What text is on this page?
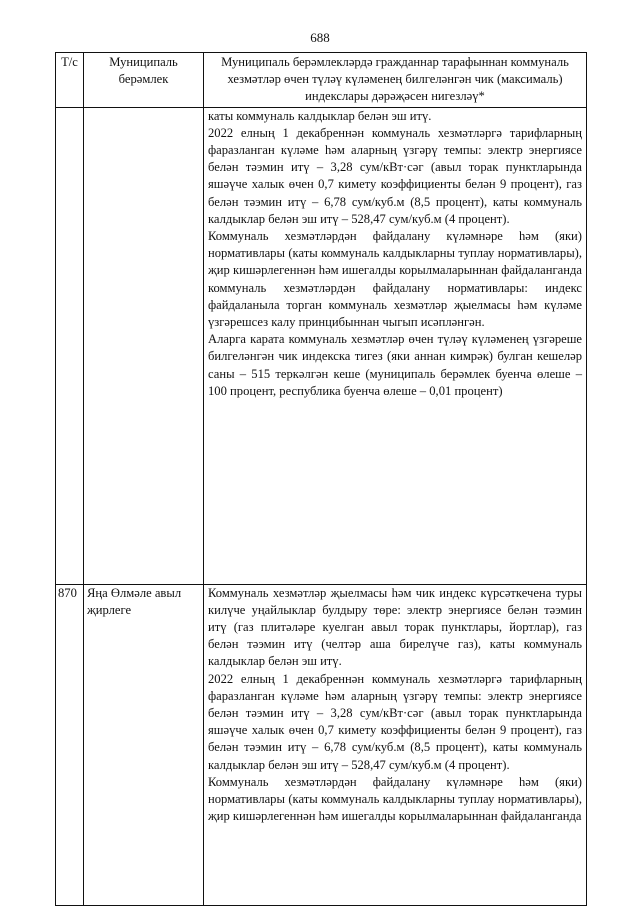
688
Т/с	Муниципаль берәмлек	Муниципаль берәмлекләрдә гражданнар тарафыннан коммуналь хезмәтләр өчен түләү күләменең билгеләнгән чик (максималь) индекслары дәрәҗәсен нигезләү*

		каты коммуналь калдыклар белән эш итү.

2022 елның 1 декабреннән коммуналь хезмәтләргә тарифларның фаразланган күләме һәм аларның үзгәрү темпы: электр энергиясе белән тәэмин итү – 3,28 сум/кВт·сәг (авыл торак пунктларында яшәүче халык өчен 0,7 кимету коэффициенты белән 9 процент), газ белән тәэмин итү – 6,78 сум/куб.м (8,5 процент), каты коммуналь калдыклар белән эш итү – 528,47 сум/куб.м (4 процент).

Коммуналь хезмәтләрдән файдалану күләмнәре һәм (яки) нормативлары (каты коммуналь калдыкларны туплау нормативлары), җир кишәрлегеннән һәм ишегалды корылмаларыннан файдаланганда коммуналь хезмәтләрдән файдалану нормативлары: индекс файдаланыла торган коммуналь хезмәтләр җыелмасы һәм күләме үзгәрешсез калу принцибыннан чыгып исәпләнгән.

Аларга карата коммуналь хезмәтләр өчен түләү күләменең үзгәреше билгеләнгән чик индекска тигез (яки аннан кимрәк) булган кешеләр саны – 515 теркәлгән кеше (муниципаль берәмлек буенча өлеше – 100 процент, республика буенча өлеше – 0,01 процент)

870	Яңа Өлмәле авыл җирлеге	Коммуналь хезмәтләр җыелмасы һәм чик индекс күрсәткечена туры килүче уңайлыклар булдыру төре: электр энергиясе белән тәэмин итү (газ плитәләре куелган авыл торак пунктлары, йортлар), газ белән тәэмин итү (челтәр аша бирелүче газ), каты коммуналь калдыклар белән эш итү.

2022 елның 1 декабреннән коммуналь хезмәтләргә тарифларның фаразланган күләме һәм аларның үзгәрү темпы: электр энергиясе белән тәэмин итү – 3,28 сум/кВт·сәг (авыл торак пунктларында яшәүче халык өчен 0,7 кимету коэффициенты белән 9 процент), газ белән тәэмин итү – 6,78 сум/куб.м (8,5 процент), каты коммуналь калдыклар белән эш итү – 528,47 сум/куб.м (4 процент).

Коммуналь хезмәтләрдән файдалану күләмнәре һәм (яки) нормативлары (каты коммуналь калдыкларны туплау нормативлары), җир кишәрлегеннән һәм ишегалды корылмаларыннан файдаланганда
